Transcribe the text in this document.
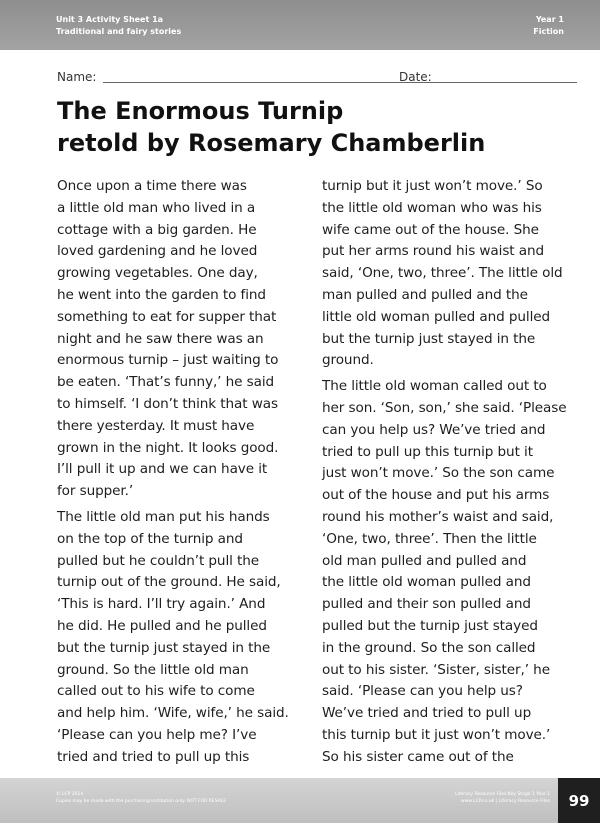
Unit 3 Activity Sheet 1a
Traditional and fairy stories
Year 1
Fiction
Name:	Date:
The Enormous Turnip
retold by Rosemary Chamberlin

Once upon a time there was
a little old man who lived in a
cottage with a big garden. He
loved gardening and he loved
growing vegetables. One day,
he went into the garden to find
something to eat for supper that
night and he saw there was an
enormous turnip – just waiting to
be eaten. ‘That’s funny,’ he said
to himself. ‘I don’t think that was
there yesterday. It must have
grown in the night. It looks good.
I’ll pull it up and we can have it
for supper.’

The little old man put his hands
on the top of the turnip and
pulled but he couldn’t pull the
turnip out of the ground. He said,
‘This is hard. I’ll try again.’ And
he did. He pulled and he pulled
but the turnip just stayed in the
ground. So the little old man
called out to his wife to come
and help him. ‘Wife, wife,’ he said.
‘Please can you help me? I’ve
tried and tried to pull up this

turnip but it just won’t move.’ So
the little old woman who was his
wife came out of the house. She
put her arms round his waist and
said, ‘One, two, three’. The little old
man pulled and pulled and the
little old woman pulled and pulled
but the turnip just stayed in the
ground.

The little old woman called out to
her son. ‘Son, son,’ she said. ‘Please
can you help us? We’ve tried and
tried to pull up this turnip but it
just won’t move.’ So the son came
out of the house and put his arms
round his mother’s waist and said,
‘One, two, three’. Then the little
old man pulled and pulled and
the little old woman pulled and
pulled and their son pulled and
pulled but the turnip just stayed
in the ground. So the son called
out to his sister. ‘Sister, sister,’ he
said. ‘Please can you help us?
We’ve tried and tried to pull up
this turnip but it just won’t move.’
So his sister came out of the

© LCP 2014
Copies may be made with the purchasing institution only. NOT FOR RESALE
Literacy Resource Files Key Stage 1 Year 1
www.LCP.co.uk | Literacy Resource Files	99
